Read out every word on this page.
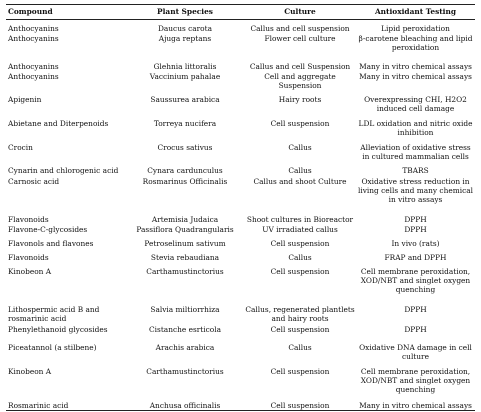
Compound	Plant Species	Culture	Antioxidant Testing
Anthocyanins	Daucus carota	Callus and cell suspension	Lipid peroxidation
Anthocyanins	Ajuga reptans	Flower cell culture	β-carotene bleaching and lipid peroxidation
Anthocyanins	Glehnia littoralis	Callus and cell Suspension	Many in vitro chemical assays
Anthocyanins	Vaccinium pahalae	Cell and aggregate Suspension	Many in vitro chemical assays
Apigenin	Saussurea arabica	Hairy roots	Overexpressing CHI, H2O2 induced cell damage
Abietane and Diterpenoids	Torreya nucifera	Cell suspension	LDL oxidation and nitric oxide inhibition
Crocin	Crocus sativus	Callus	Alleviation of oxidative stress in cultured mammalian cells
Cynarin and chlorogenic acid	Cynara cardunculus	Callus	TBARS
Carnosic acid	Rosmarinus Officinalis	Callus and shoot Culture	Oxidative stress reduction in living cells and many chemical in vitro assays
Flavonoids	Artemisia Judaica	Shoot cultures in Bioreactor	DPPH
Flavone-C-glycosides	Passiflora Quadrangularis	UV irradiated callus	DPPH
Flavonols and flavones	Petroselinum sativum	Cell suspension	In vivo (rats)
Flavonoids	Stevia rebaudiana	Callus	FRAP and DPPH
Kinobeon A	Carthamustinctorius	Cell suspension	Cell membrane peroxidation, XOD/NBT and singlet oxygen quenching
Lithospermic acid B and rosmarinic acid	Salvia miltiorrhiza	Callus, regenerated plantlets and hairy roots	DPPH
Phenylethanoid glycosides	Cistanche esrticola	Cell suspension	DPPH
Piceatannol (a stilbene)	Arachis arabica	Callus	Oxidative DNA damage in cell culture
Kinobeon A	Carthamustinctorius	Cell suspension	Cell membrane peroxidation, XOD/NBT and singlet oxygen quenching
Rosmarinic acid	Anchusa officinalis	Cell suspension	Many in vitro chemical assays
